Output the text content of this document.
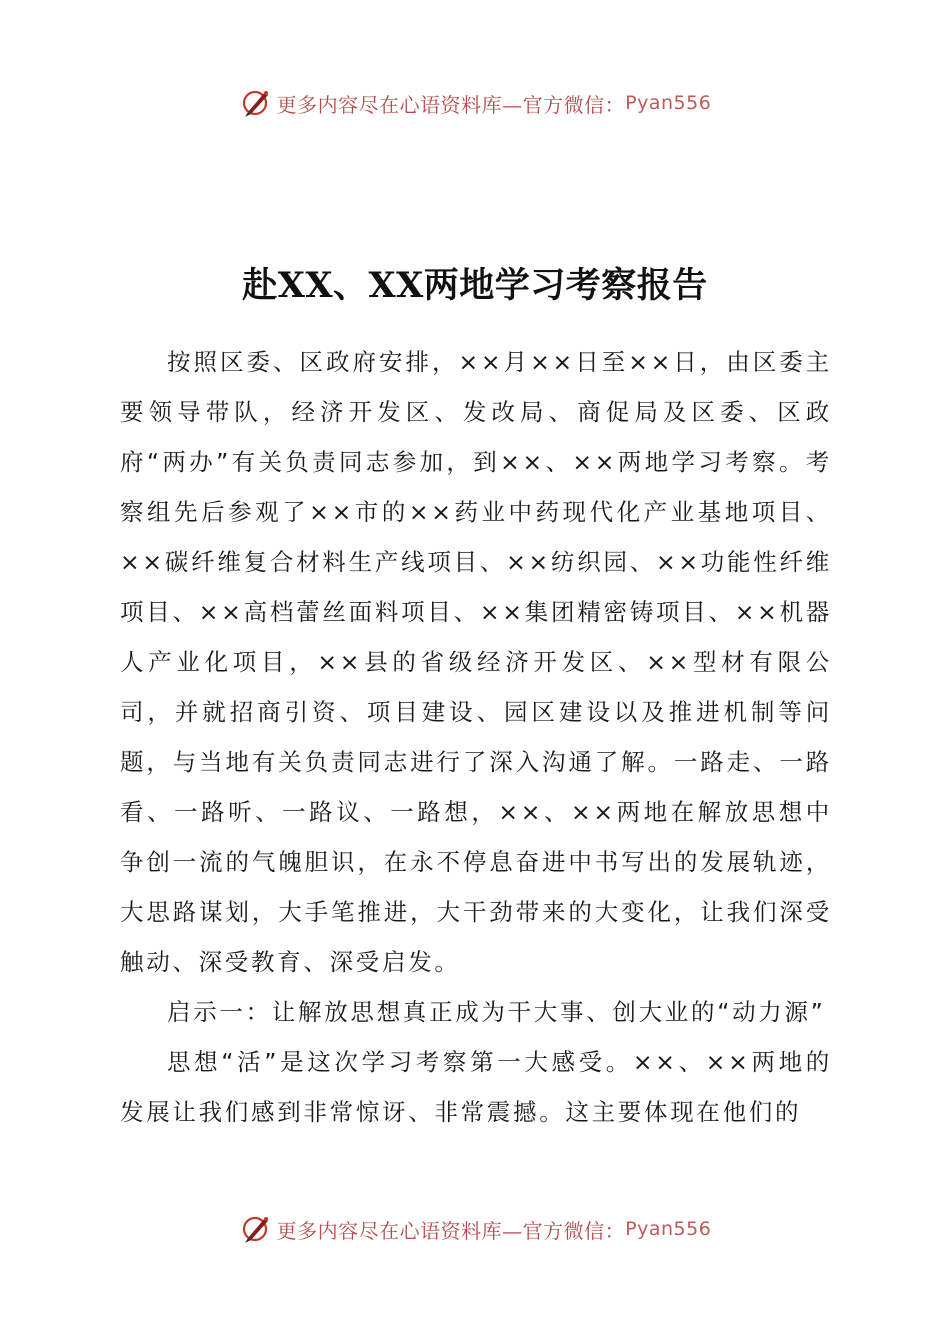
更多内容尽在心语资料库—官方微信： Pyan556
赴XX、XX两地学习考察报告

按照区委、区政府安排，××月××日至××日，由区委主要领导带队，经济开发区、发改局、商促局及区委、区政府“两办”有关负责同志参加，到××、××两地学习考察。考察组先后参观了××市的××药业中药现代化产业基地项目、××碳纤维复合材料生产线项目、××纺织园、××功能性纤维项目、××高档蕾丝面料项目、××集团精密铸项目、××机器人产业化项目，××县的省级经济开发区、××型材有限公司，并就招商引资、项目建设、园区建设以及推进机制等问题，与当地有关负责同志进行了深入沟通了解。一路走、一路看、一路听、一路议、一路想，××、××两地在解放思想中争创一流的气魄胆识，在永不停息奋进中书写出的发展轨迹，大思路谋划，大手笔推进，大干劲带来的大变化，让我们深受触动、深受教育、深受启发。

启示一：让解放思想真正成为干大事、创大业的“动力源”

思想“活”是这次学习考察第一大感受。××、××两地的发展让我们感到非常惊讶、非常震撼。这主要体现在他们的

更多内容尽在心语资料库—官方微信： Pyan556
